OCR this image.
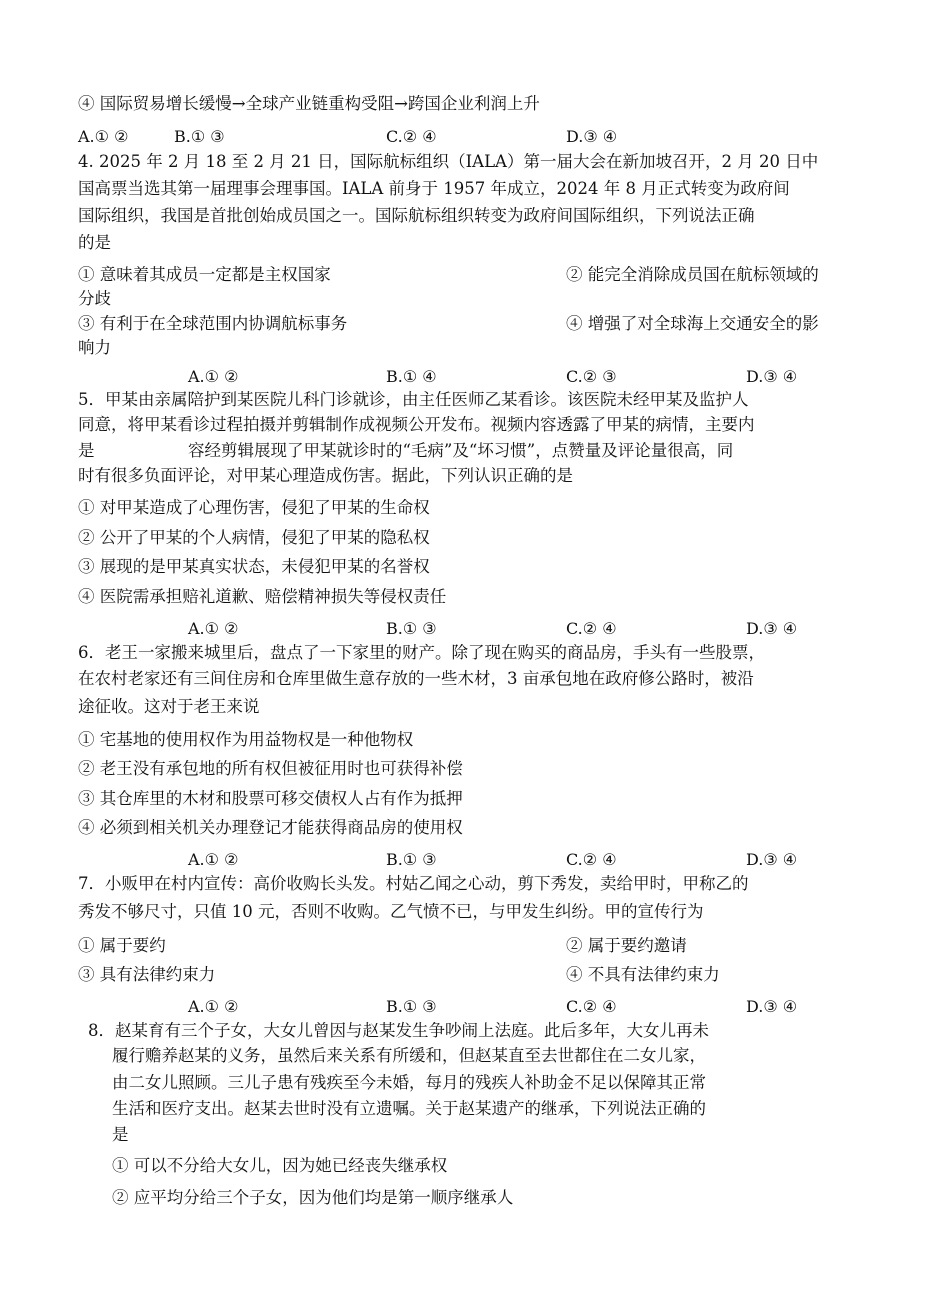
④ 国际贸易增长缓慢→全球产业链重构受阻→跨国企业利润上升
A.① ②	B.① ③	C.② ④	D.③ ④
4. 2025 年 2 月 18 至 2 月 21 日，国际航标组织（IALA）第一届大会在新加坡召开，2 月 20 日中
国高票当选其第一届理事会理事国。IALA 前身于 1957 年成立，2024 年 8 月正式转变为政府间
国际组织，我国是首批创始成员国之一。国际航标组织转变为政府间国际组织，下列说法正确
的是
① 意味着其成员一定都是主权国家	② 能完全消除成员国在航标领域的
分歧
③ 有利于在全球范围内协调航标事务	④ 增强了对全球海上交通安全的影
响力
A.① ②	B.① ④	C.② ③	D.③ ④
5．甲某由亲属陪护到某医院儿科门诊就诊，由主任医师乙某看诊。该医院未经甲某及监护人
同意，将甲某看诊过程拍摄并剪辑制作成视频公开发布。视频内容透露了甲某的病情，主要内
是	容经剪辑展现了甲某就诊时的“毛病”及“坏习惯”，点赞量及评论量很高，同
时有很多负面评论，对甲某心理造成伤害。据此，下列认识正确的是
① 对甲某造成了心理伤害，侵犯了甲某的生命权
② 公开了甲某的个人病情，侵犯了甲某的隐私权
③ 展现的是甲某真实状态，未侵犯甲某的名誉权
④ 医院需承担赔礼道歉、赔偿精神损失等侵权责任
A.① ②	B.① ③	C.② ④	D.③ ④
6．老王一家搬来城里后，盘点了一下家里的财产。除了现在购买的商品房，手头有一些股票，
在农村老家还有三间住房和仓库里做生意存放的一些木材，3 亩承包地在政府修公路时，被沿
途征收。这对于老王来说
① 宅基地的使用权作为用益物权是一种他物权
② 老王没有承包地的所有权但被征用时也可获得补偿
③ 其仓库里的木材和股票可移交债权人占有作为抵押
④ 必须到相关机关办理登记才能获得商品房的使用权
A.① ②	B.① ③	C.② ④	D.③ ④
7．小贩甲在村内宣传：高价收购长头发。村姑乙闻之心动，剪下秀发，卖给甲时，甲称乙的
秀发不够尺寸，只值 10 元，否则不收购。乙气愤不已，与甲发生纠纷。甲的宣传行为
① 属于要约	② 属于要约邀请
③ 具有法律约束力	④ 不具有法律约束力
A.① ②	B.① ③	C.② ④	D.③ ④
8．赵某育有三个子女，大女儿曾因与赵某发生争吵闹上法庭。此后多年，大女儿再未
履行赡养赵某的义务，虽然后来关系有所缓和，但赵某直至去世都住在二女儿家，
由二女儿照顾。三儿子患有残疾至今未婚，每月的残疾人补助金不足以保障其正常
生活和医疗支出。赵某去世时没有立遗嘱。关于赵某遗产的继承，下列说法正确的
是
① 可以不分给大女儿，因为她已经丧失继承权
② 应平均分给三个子女，因为他们均是第一顺序继承人
